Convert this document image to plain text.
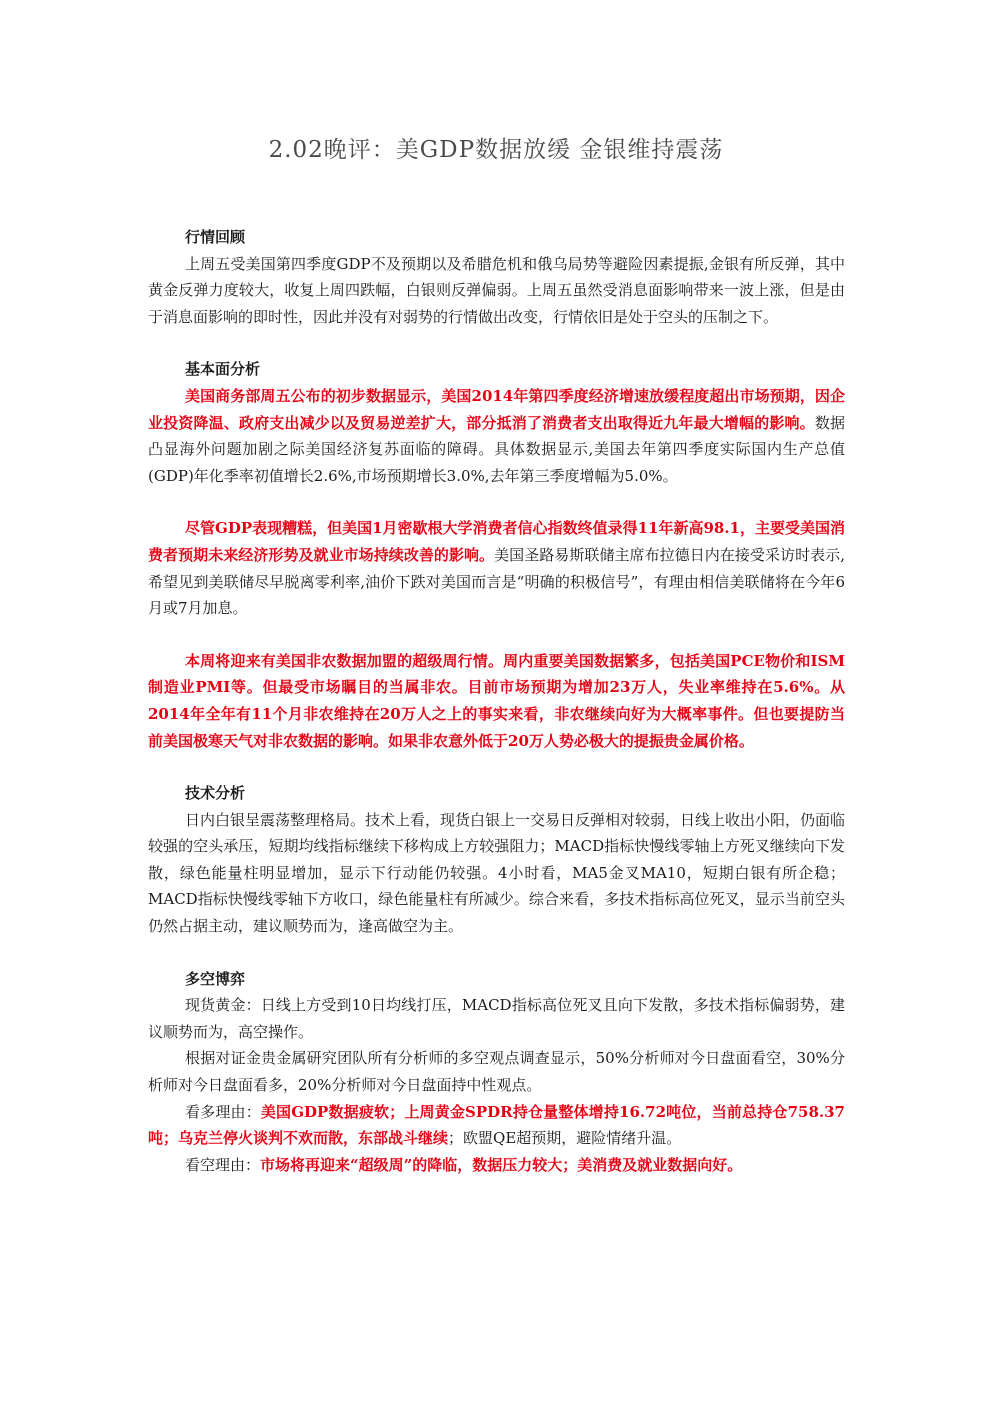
2.02晚评：美GDP数据放缓 金银维持震荡

行情回顾

上周五受美国第四季度GDP不及预期以及希腊危机和俄乌局势等避险因素提振,金银有所反弹，其中黄金反弹力度较大，收复上周四跌幅，白银则反弹偏弱。上周五虽然受消息面影响带来一波上涨，但是由于消息面影响的即时性，因此并没有对弱势的行情做出改变，行情依旧是处于空头的压制之下。

基本面分析

美国商务部周五公布的初步数据显示，美国2014年第四季度经济增速放缓程度超出市场预期，因企业投资降温、政府支出减少以及贸易逆差扩大，部分抵消了消费者支出取得近九年最大增幅的影响。数据凸显海外问题加剧之际美国经济复苏面临的障碍。具体数据显示,美国去年第四季度实际国内生产总值(GDP)年化季率初值增长2.6%,市场预期增长3.0%,去年第三季度增幅为5.0%。

尽管GDP表现糟糕，但美国1月密歇根大学消费者信心指数终值录得11年新高98.1，主要受美国消费者预期未来经济形势及就业市场持续改善的影响。美国圣路易斯联储主席布拉德日内在接受采访时表示,希望见到美联储尽早脱离零利率,油价下跌对美国而言是“明确的积极信号”，有理由相信美联储将在今年6月或7月加息。

本周将迎来有美国非农数据加盟的超级周行情。周内重要美国数据繁多，包括美国PCE物价和ISM制造业PMI等。但最受市场瞩目的当属非农。目前市场预期为增加23万人，失业率维持在5.6%。从2014年全年有11个月非农维持在20万人之上的事实来看，非农继续向好为大概率事件。但也要提防当前美国极寒天气对非农数据的影响。如果非农意外低于20万人势必极大的提振贵金属价格。

技术分析

日内白银呈震荡整理格局。技术上看，现货白银上一交易日反弹相对较弱，日线上收出小阳，仍面临较强的空头承压，短期均线指标继续下移构成上方较强阻力；MACD指标快慢线零轴上方死叉继续向下发散，绿色能量柱明显增加，显示下行动能仍较强。4小时看，MA5金叉MA10，短期白银有所企稳；MACD指标快慢线零轴下方收口，绿色能量柱有所减少。综合来看，多技术指标高位死叉，显示当前空头仍然占据主动，建议顺势而为，逢高做空为主。

多空博弈

现货黄金：日线上方受到10日均线打压，MACD指标高位死叉且向下发散，多技术指标偏弱势，建议顺势而为，高空操作。

根据对证金贵金属研究团队所有分析师的多空观点调查显示，50%分析师对今日盘面看空，30%分析师对今日盘面看多，20%分析师对今日盘面持中性观点。

看多理由：美国GDP数据疲软；上周黄金SPDR持仓量整体增持16.72吨位，当前总持仓758.37吨；乌克兰停火谈判不欢而散，东部战斗继续；欧盟QE超预期，避险情绪升温。

看空理由：市场将再迎来“超级周”的降临，数据压力较大；美消费及就业数据向好。
